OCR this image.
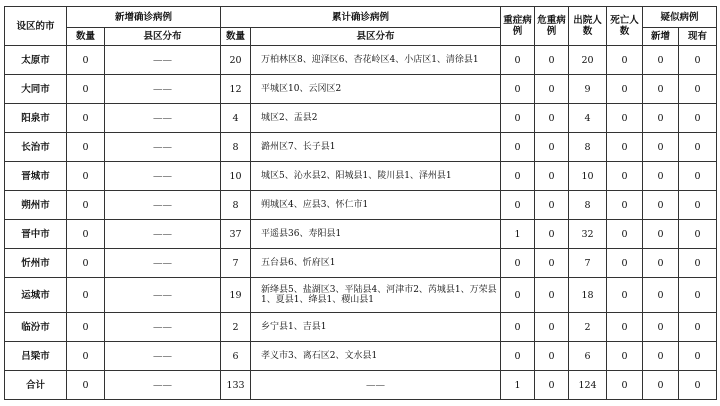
设区的市	新增确诊病例		累计确诊病例		重症病例	危重病例	出院人数	死亡人数	疑似病例	
	数量	县区分布	数量	县区分布					新增	现有
太原市	0	——	20	万柏林区8、迎泽区6、杏花岭区4、小店区1、清徐县1	0	0	20	0	0	0
大同市	0	——	12	平城区10、云冈区2	0	0	9	0	0	0
阳泉市	0	——	4	城区2、盂县2	0	0	4	0	0	0
长治市	0	——	8	潞州区7、长子县1	0	0	8	0	0	0
晋城市	0	——	10	城区5、沁水县2、阳城县1、陵川县1、泽州县1	0	0	10	0	0	0
朔州市	0	——	8	朔城区4、应县3、怀仁市1	0	0	8	0	0	0
晋中市	0	——	37	平遥县36、寿阳县1	1	0	32	0	0	0
忻州市	0	——	7	五台县6、忻府区1	0	0	7	0	0	0
运城市	0	——	19	新绛县5、盐湖区3、平陆县4、河津市2、芮城县1、万荣县1、夏县1、绛县1、稷山县1	0	0	18	0	0	0
临汾市	0	——	2	乡宁县1、吉县1	0	0	2	0	0	0
吕梁市	0	——	6	孝义市3、离石区2、文水县1	0	0	6	0	0	0
合计	0	——	133	——	1	0	124	0	0	0
